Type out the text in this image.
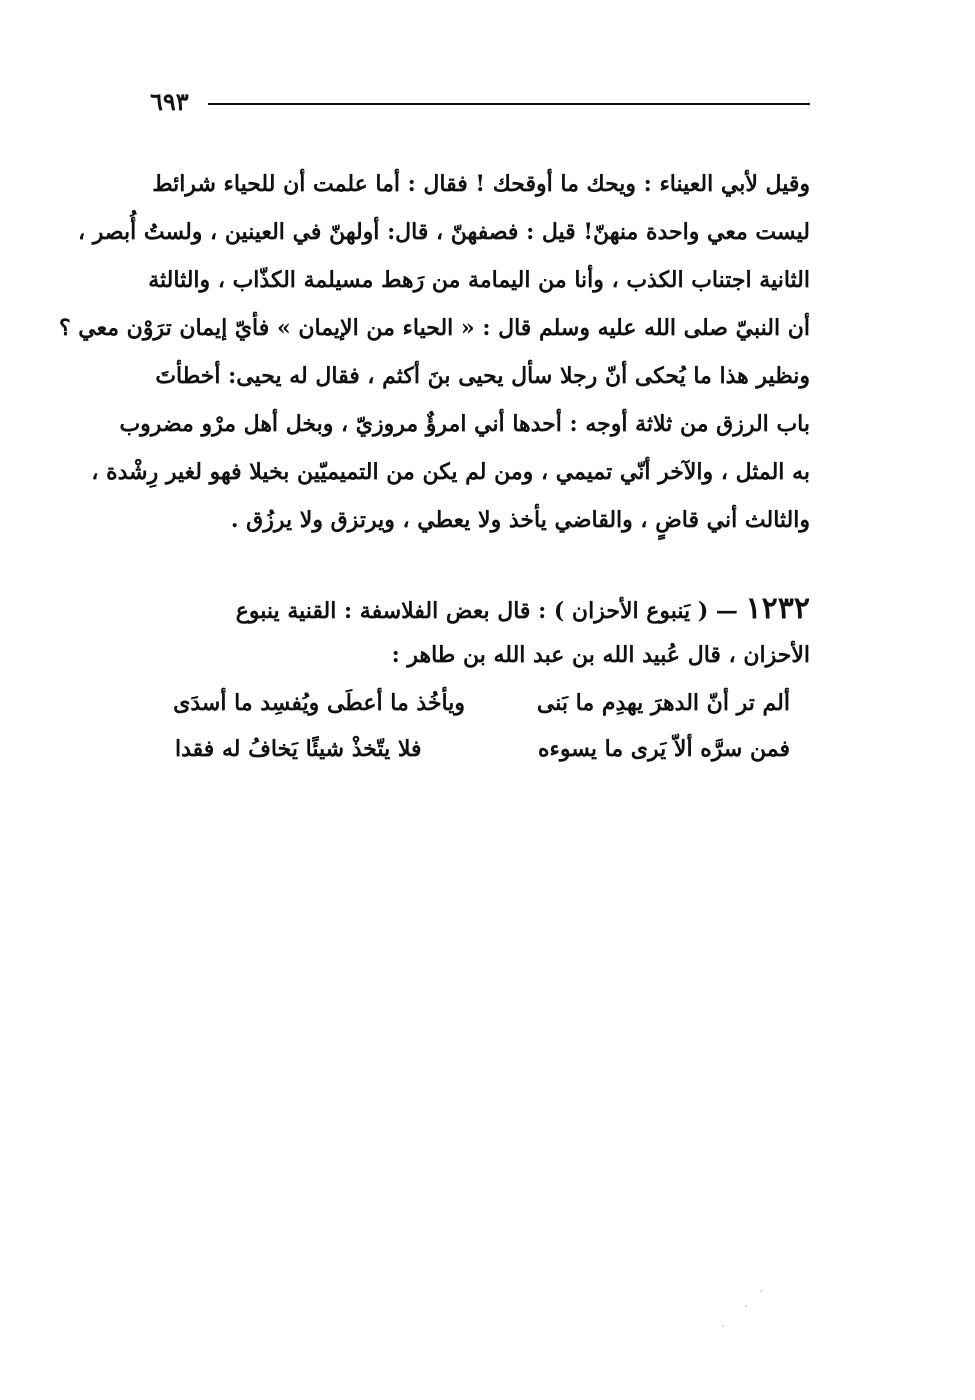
٦٩٣
وقيل لأبي العيناء : ويحك ما أوقحك ! فقال : أما علمت أن للحياء شرائط
ليست معي واحدة منهنّ! قيل : فصفهنّ ، قال: أولهنّ في العينين ، ولستُ أُبصر ،
الثانية اجتناب الكذب ، وأنا من اليمامة من رَهط مسيلمة الكذّاب ، والثالثة
أن النبيّ صلى الله عليه وسلم قال : « الحياء من الإيمان » فأيّ إيمان ترَوْن معي ؟
ونظير هذا ما يُحكى أنّ رجلا سأل يحيى بنَ أكثم ، فقال له يحيى: أخطأتَ
باب الرزق من ثلاثة أوجه : أحدها أني امرؤٌ مروزيّ ، وبخل أهل مرْو مضروب
به المثل ، والآخر أنّي تميمي ، ومن لم يكن من التميميّين بخيلا فهو لغير رِشْدة ،
والثالث أني قاضٍ ، والقاضي يأخذ ولا يعطي ، ويرتزق ولا يرزُق .
١٢٣٢ — ( يَنبوع الأحزان ) : قال بعض الفلاسفة : القنية ينبوع
الأحزان ، قال عُبيد الله بن عبد الله بن طاهر :
ألم تر أنّ الدهرَ يهدِم ما بَنى
ويأخُذ ما أعطَى ويُفسِد ما أسدَى
فمن سرَّه ألاّ يَرى ما يسوءه
فلا يتّخذْ شيئًا يَخافُ له فقدا
